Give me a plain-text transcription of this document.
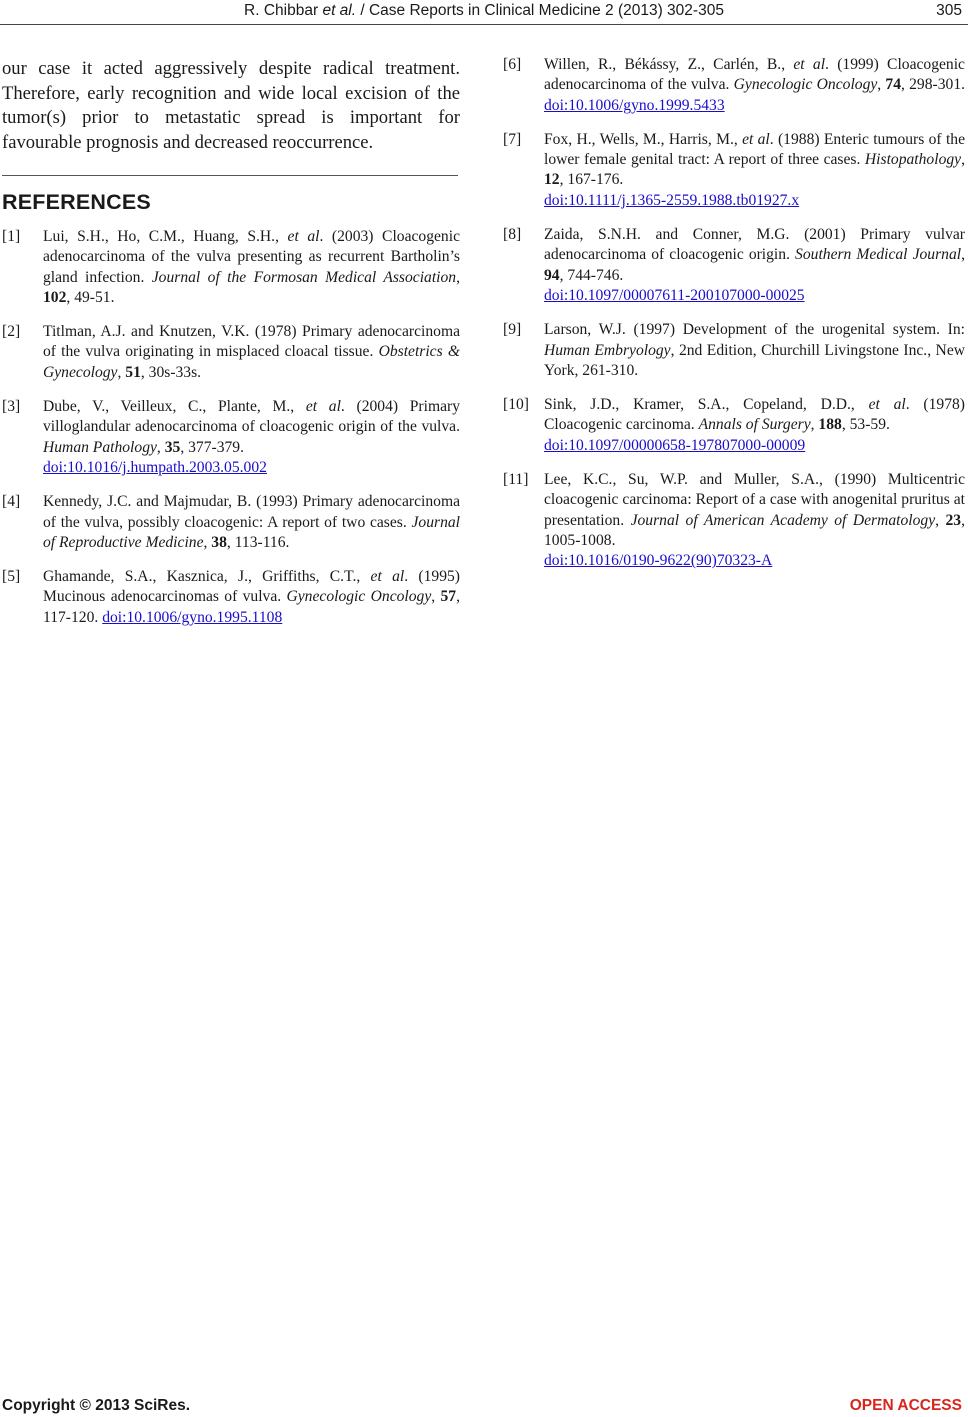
R. Chibbar et al. / Case Reports in Clinical Medicine 2 (2013) 302-305	305

our case it acted aggressively despite radical treatment. Therefore, early recognition and wide local excision of the tumor(s) prior to metastatic spread is important for favourable prognosis and decreased reoccurrence.

REFERENCES
[1]	Lui, S.H., Ho, C.M., Huang, S.H., et al. (2003) Cloacogenic adenocarcinoma of the vulva presenting as recurrent Bartholin’s gland infection. Journal of the Formosan Medical Association, 102, 49-51.
[2]	Titlman, A.J. and Knutzen, V.K. (1978) Primary adenocarcinoma of the vulva originating in misplaced cloacal tissue. Obstetrics & Gynecology, 51, 30s-33s.
[3]	Dube, V., Veilleux, C., Plante, M., et al. (2004) Primary villoglandular adenocarcinoma of cloacogenic origin of the vulva. Human Pathology, 35, 377-379.
doi:10.1016/j.humpath.2003.05.002
[4]	Kennedy, J.C. and Majmudar, B. (1993) Primary adenocarcinoma of the vulva, possibly cloacogenic: A report of two cases. Journal of Reproductive Medicine, 38, 113-116.
[5]	Ghamande, S.A., Kasznica, J., Griffiths, C.T., et al. (1995) Mucinous adenocarcinomas of vulva. Gynecologic Oncology, 57, 117-120. doi:10.1006/gyno.1995.1108
[6]	Willen, R., Békássy, Z., Carlén, B., et al. (1999) Cloacogenic adenocarcinoma of the vulva. Gynecologic Oncology, 74, 298-301. doi:10.1006/gyno.1999.5433
[7]	Fox, H., Wells, M., Harris, M., et al. (1988) Enteric tumours of the lower female genital tract: A report of three cases. Histopathology, 12, 167-176.
doi:10.1111/j.1365-2559.1988.tb01927.x
[8]	Zaida, S.N.H. and Conner, M.G. (2001) Primary vulvar adenocarcinoma of cloacogenic origin. Southern Medical Journal, 94, 744-746.
doi:10.1097/00007611-200107000-00025
[9]	Larson, W.J. (1997) Development of the urogenital system. In: Human Embryology, 2nd Edition, Churchill Livingstone Inc., New York, 261-310.
[10] Sink, J.D., Kramer, S.A., Copeland, D.D., et al. (1978) Cloacogenic carcinoma. Annals of Surgery, 188, 53-59.
doi:10.1097/00000658-197807000-00009
[11] Lee, K.C., Su, W.P. and Muller, S.A., (1990) Multicentric cloacogenic carcinoma: Report of a case with anogenital pruritus at presentation. Journal of American Academy of Dermatology, 23, 1005-1008.
doi:10.1016/0190-9622(90)70323-A
Copyright © 2013 SciRes.	OPEN ACCESS
